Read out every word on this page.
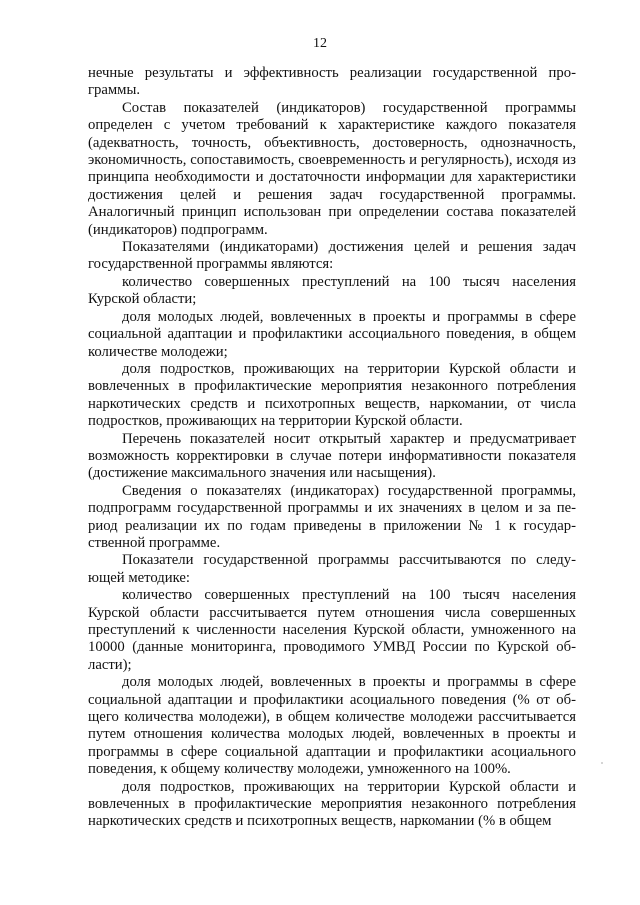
12

нечные результаты и эффективность реализации государственной программы.

Состав показателей (индикаторов) государственной программы определен с учетом требований к характеристике каждого показателя (адекватность, точность, объективность, достоверность, однозначность, экономичность, сопоставимость, своевременность и регулярность), исходя из принципа необходимости и достаточности информации для характеристики достижения целей и решения задач государственной программы. Аналогичный принцип использован при определении состава показателей (индикаторов) подпрограмм.

Показателями (индикаторами) достижения целей и решения задач государственной программы являются:

количество совершенных преступлений на 100 тысяч населения Курской области;

доля молодых людей, вовлеченных в проекты и программы в сфере социальной адаптации и профилактики ассоциального поведения, в общем количестве молодежи;

доля подростков, проживающих на территории Курской области и вовлеченных в профилактические мероприятия незаконного потребления наркотических средств и психотропных веществ, наркомании, от числа подростков, проживающих на территории Курской области.

Перечень показателей носит открытый характер и предусматривает возможность корректировки в случае потери информативности показателя (достижение максимального значения или насыщения).

Сведения о показателях (индикаторах) государственной программы, подпрограмм государственной программы и их значениях в целом и за период реализации их по годам приведены в приложении № 1 к государственной программе.

Показатели государственной программы рассчитываются по следующей методике:

количество совершенных преступлений на 100 тысяч населения Курской области рассчитывается путем отношения числа совершенных преступлений к численности населения Курской области, умноженного на 10000 (данные мониторинга, проводимого УМВД России по Курской области);

доля молодых людей, вовлеченных в проекты и программы в сфере социальной адаптации и профилактики асоциального поведения (% от общего количества молодежи), в общем количестве молодежи рассчитывается путем отношения количества молодых людей, вовлеченных в проекты и программы в сфере социальной адаптации и профилактики асоциального поведения, к общему количеству молодежи, умноженного на 100%.

доля подростков, проживающих на территории Курской области и вовлеченных в профилактические мероприятия незаконного потребления наркотических средств и психотропных веществ, наркомании (% в общем
